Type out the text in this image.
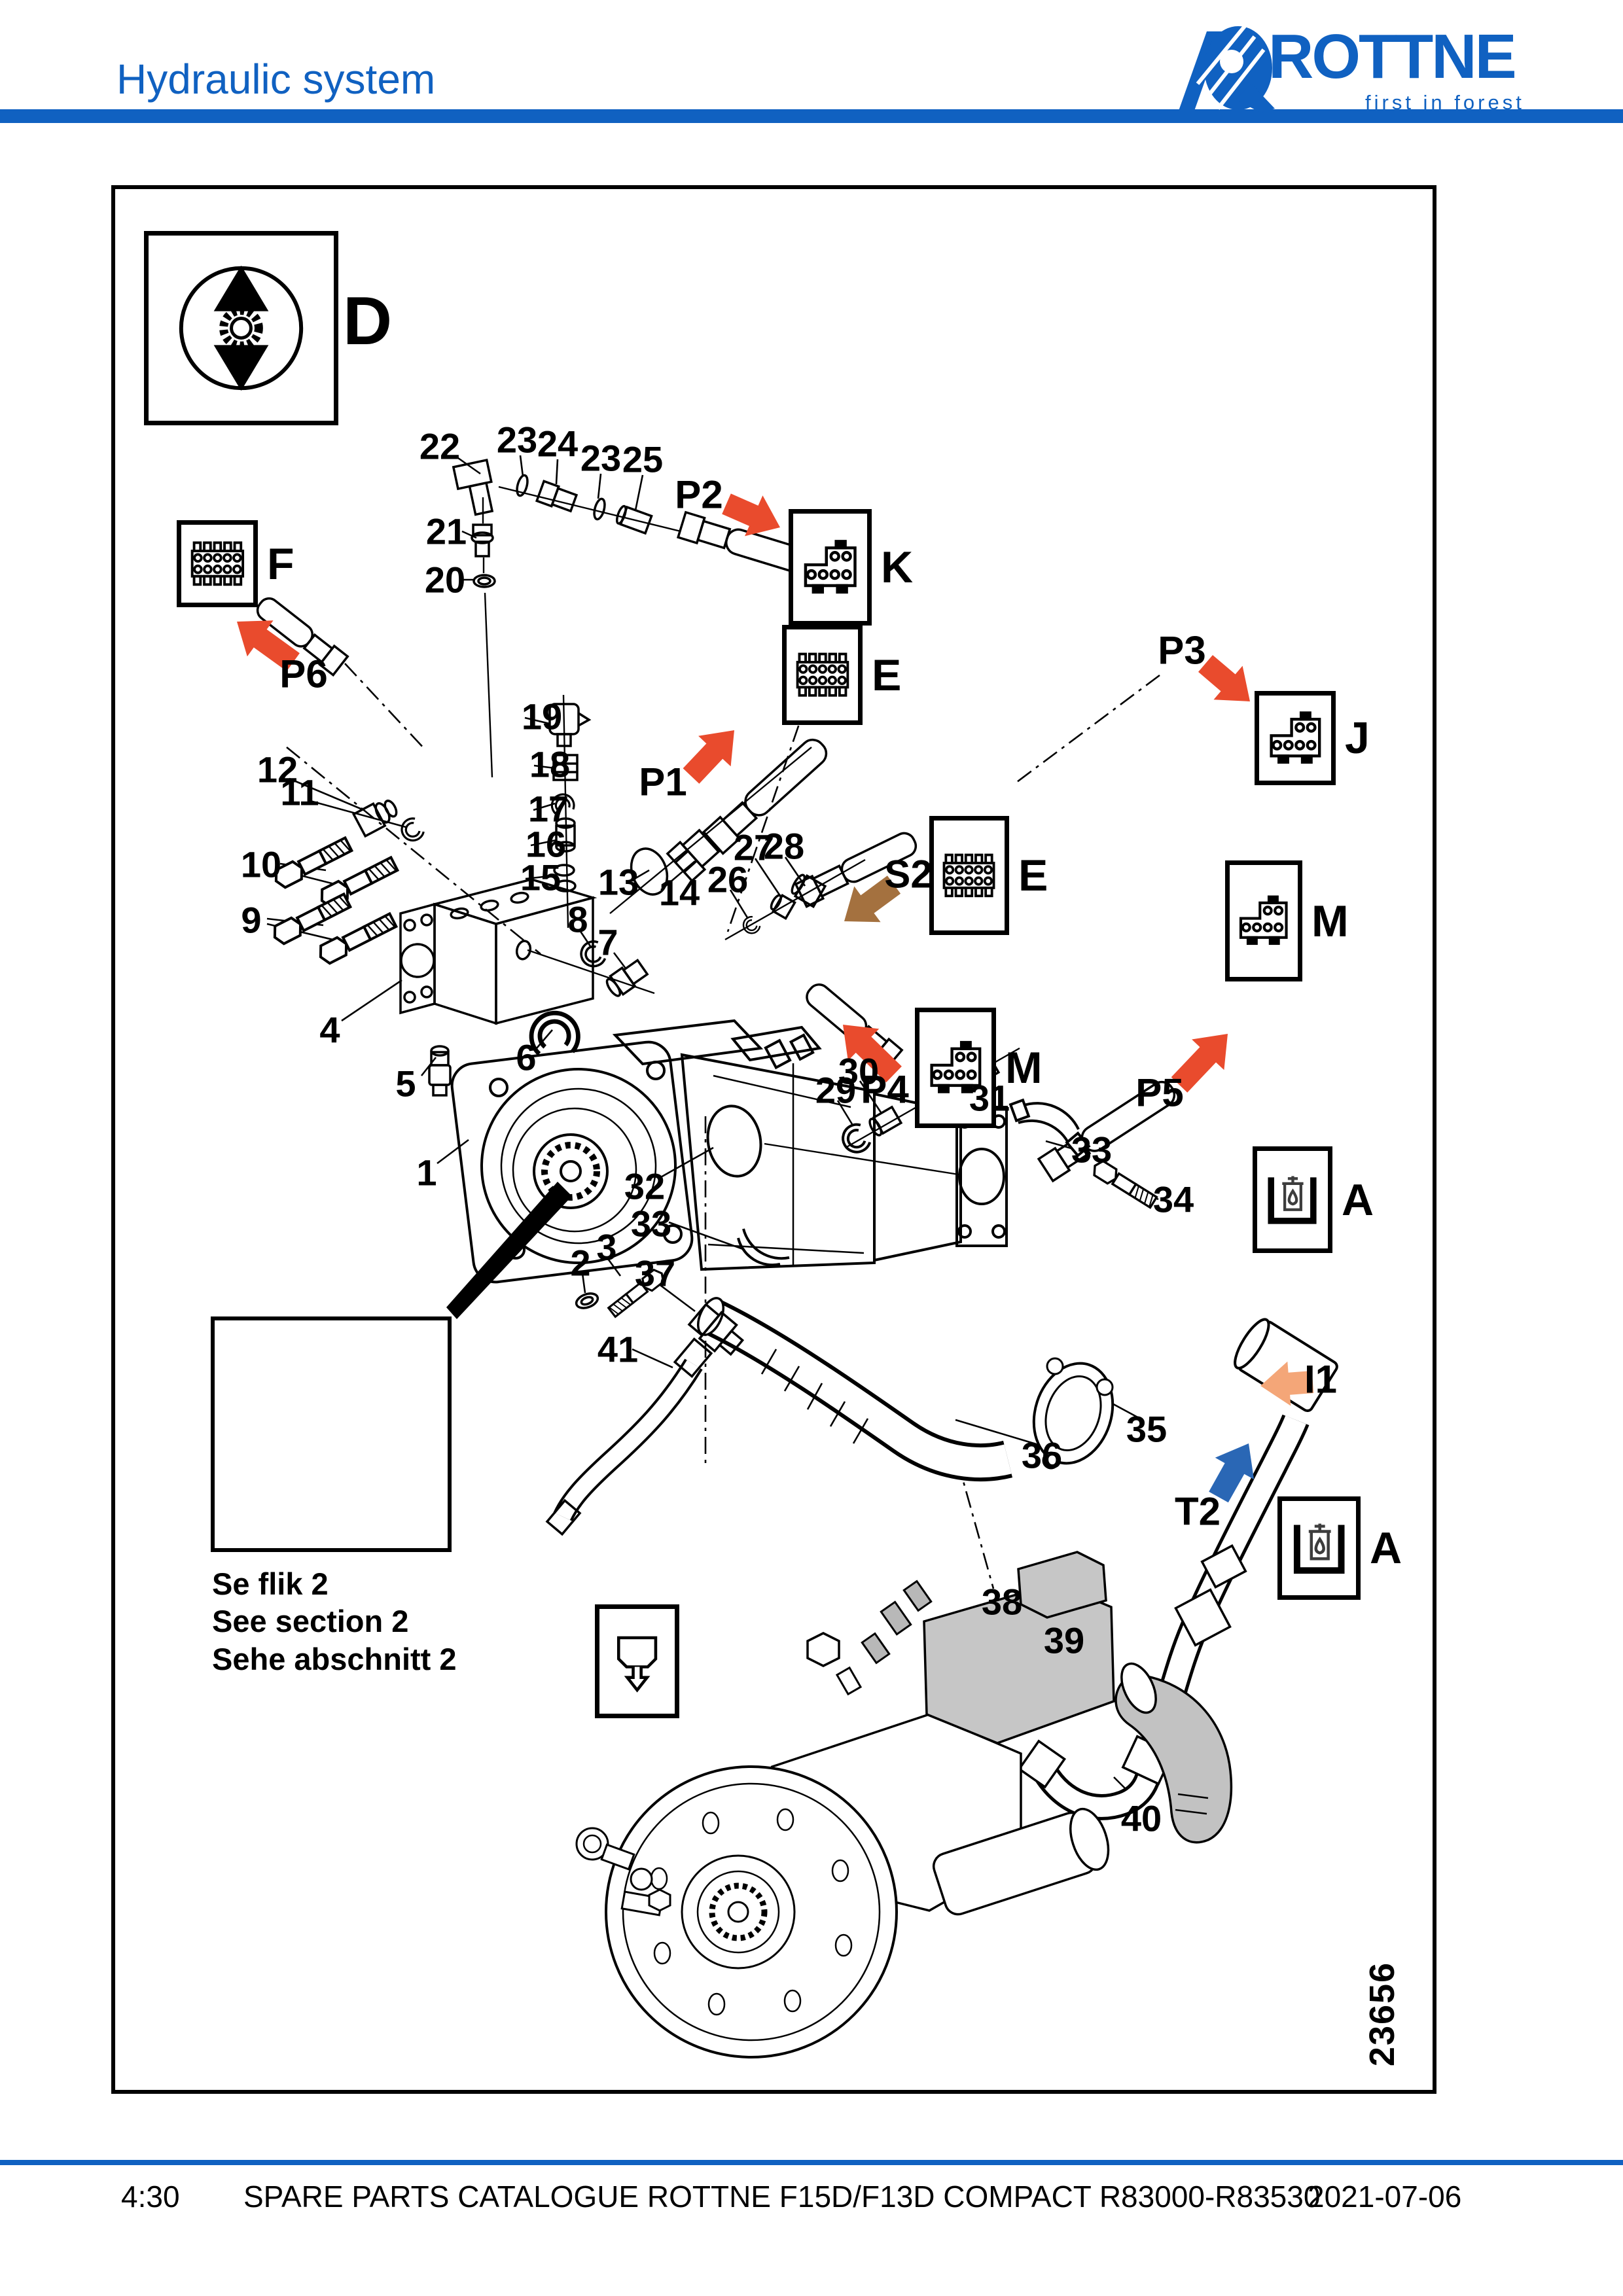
Hydraulic system	ROTTNE
first in forest
D
F	K
E
J
E
M
M
A
A
22 23 24 23 25
21
20
19
18
17
16
15	14
13
12
11
10
9
4
5
6
7
8
26
27
28
1
2 3
29
30
31
32
33
34
33
35
36
37
41
38
39
40
P2
P6
P1
P3
S2
P4	P5
I1
T2
Se flik 2
See section 2
Sehe abschnitt 2
23656
4:30 SPARE PARTS CATALOGUE ROTTNE F15D/F13D COMPACT R83000-R83530
2021-07-06
